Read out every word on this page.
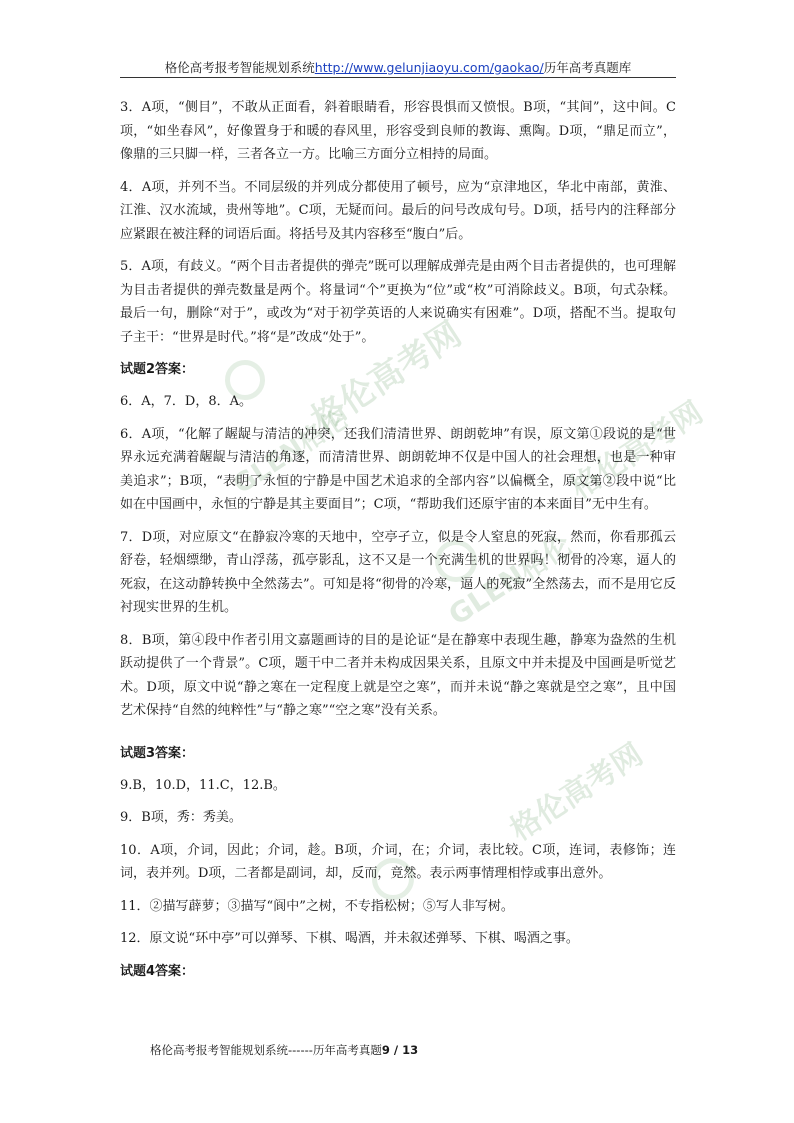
格伦高考报考智能规划系统http://www.gelunjiaoyu.com/gaokao/历年高考真题库
GLEN格伦
格伦高考网
GLEN格伦
格伦高考网
格伦高考网

3．A项，“侧目”，不敢从正面看，斜着眼睛看，形容畏惧而又愤恨。B项，“其间”，这中间。C项，“如坐春风”，好像置身于和暖的春风里，形容受到良师的教诲、熏陶。D项，“鼎足而立”，像鼎的三只脚一样，三者各立一方。比喻三方面分立相持的局面。

4．A项，并列不当。不同层级的并列成分都使用了顿号，应为“京津地区，华北中南部，黄淮、江淮、汉水流域，贵州等地”。C项，无疑而问。最后的问号改成句号。D项，括号内的注释部分应紧跟在被注释的词语后面。将括号及其内容移至“腹白”后。

5．A项，有歧义。“两个目击者提供的弹壳”既可以理解成弹壳是由两个目击者提供的，也可理解为目击者提供的弹壳数量是两个。将量词“个”更换为“位”或“枚”可消除歧义。B项，句式杂糅。最后一句，删除“对于”，或改为“对于初学英语的人来说确实有困难”。D项，搭配不当。提取句子主干：“世界是时代。”将“是”改成“处于”。

试题2答案：

6．A，7．D，8．A。

6．A项，“化解了龌龊与清洁的冲突，还我们清清世界、朗朗乾坤”有误，原文第①段说的是“世界永远充满着龌龊与清洁的角逐，而清清世界、朗朗乾坤不仅是中国人的社会理想，也是一种审美追求”；B项，“表明了永恒的宁静是中国艺术追求的全部内容”以偏概全，原文第②段中说“比如在中国画中，永恒的宁静是其主要面目”；C项，“帮助我们还原宇宙的本来面目”无中生有。

7．D项，对应原文“在静寂冷寒的天地中，空亭孑立，似是令人窒息的死寂，然而，你看那孤云舒卷，轻烟缥缈，青山浮荡，孤亭影乱，这不又是一个充满生机的世界吗！彻骨的冷寒，逼人的死寂，在这动静转换中全然荡去”。可知是将“彻骨的冷寒，逼人的死寂”全然荡去，而不是用它反衬现实世界的生机。

8．B项，第④段中作者引用文嘉题画诗的目的是论证“是在静寒中表现生趣，静寒为盎然的生机跃动提供了一个背景”。C项，题干中二者并未构成因果关系，且原文中并未提及中国画是听觉艺术。D项，原文中说“静之寒在一定程度上就是空之寒”，而并未说“静之寒就是空之寒”，且中国艺术保持“自然的纯粹性”与“静之寒”“空之寒”没有关系。

试题3答案：

9.B，10.D，11.C，12.B。

9．B项，秀：秀美。

10．A项，介词，因此；介词，趁。B项，介词，在；介词，表比较。C项，连词，表修饰；连词，表并列。D项，二者都是副词，却，反而，竟然。表示两事情理相悖或事出意外。

11．②描写薜萝；③描写“阆中”之树，不专指松树；⑤写人非写树。

12．原文说“环中亭”可以弹琴、下棋、喝酒，并未叙述弹琴、下棋、喝酒之事。

试题4答案：
格伦高考报考智能规划系统------历年高考真题9 / 13
